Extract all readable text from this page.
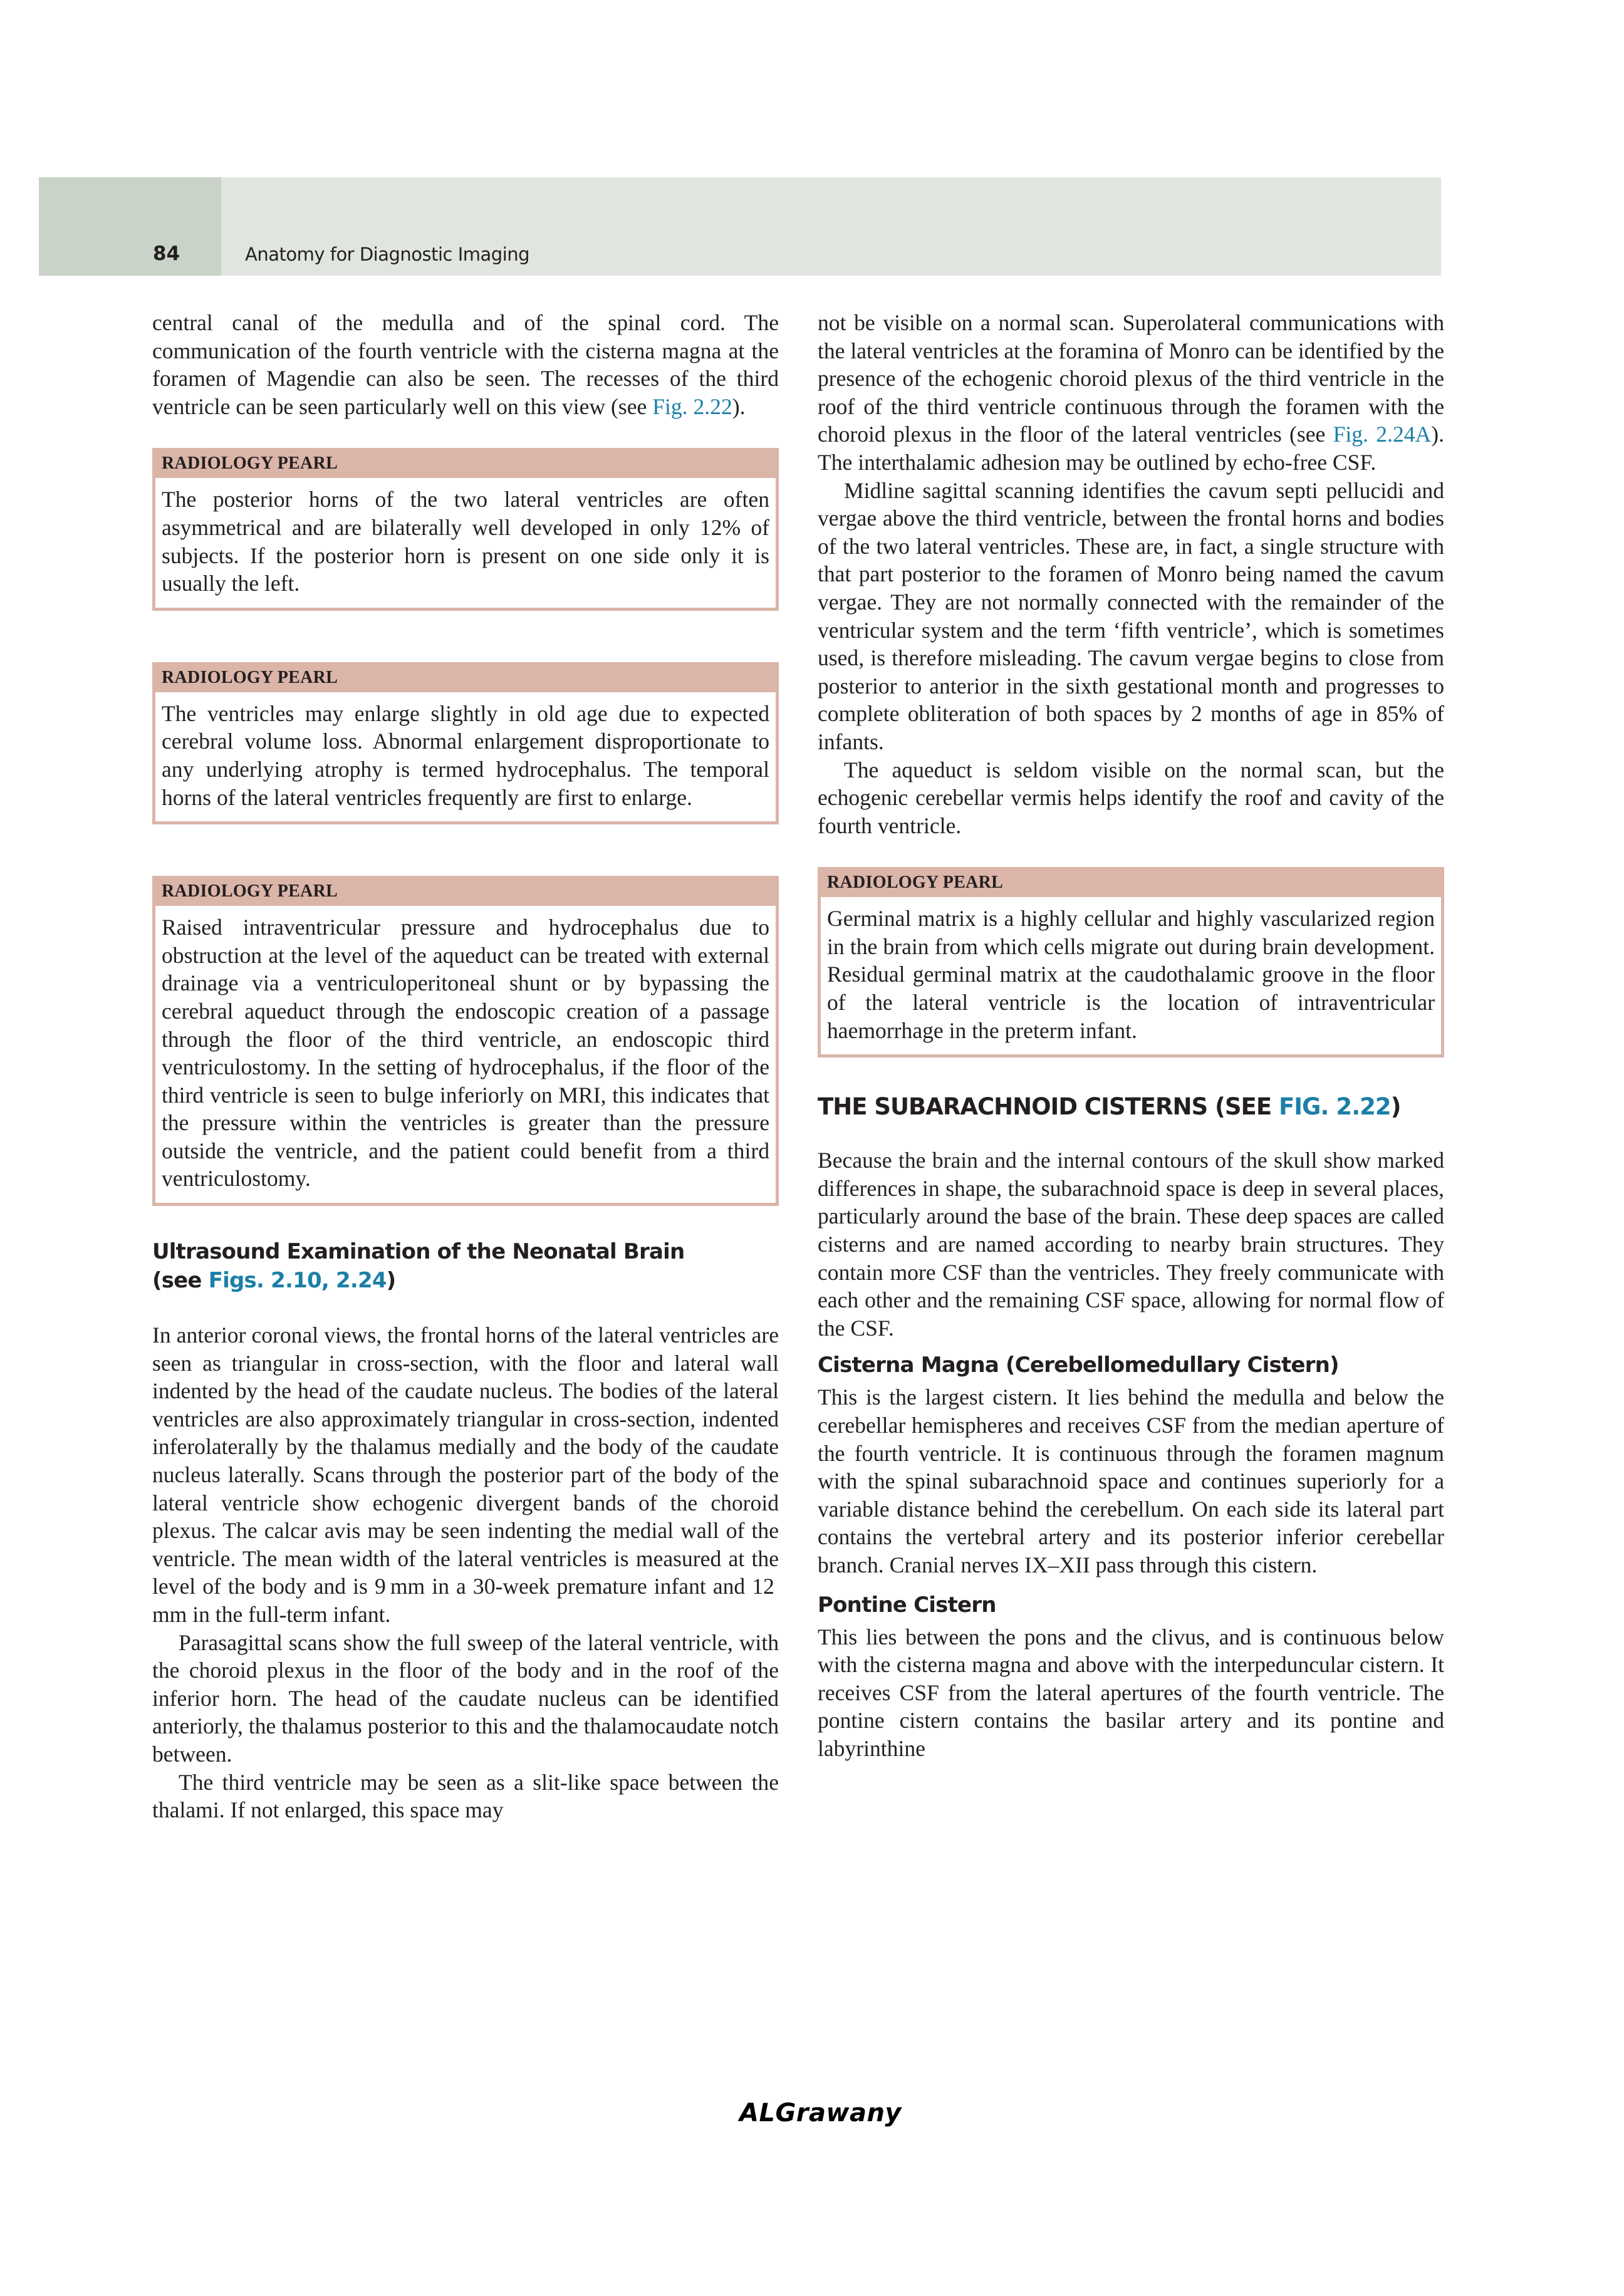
84	Anatomy for Diagnostic Imaging

central canal of the medulla and of the spinal cord. The communication of the fourth ventricle with the cisterna magna at the foramen of Magendie can also be seen. The recesses of the third ventricle can be seen particularly well on this view (see Fig. 2.22).

RADIOLOGY PEARL
The posterior horns of the two lateral ventricles are often asymmetrical and are bilaterally well developed in only 12% of subjects. If the posterior horn is present on one side only it is usually the left.
RADIOLOGY PEARL
The ventricles may enlarge slightly in old age due to expected cerebral volume loss. Abnormal enlargement disproportionate to any underlying atrophy is termed hydrocephalus. The temporal horns of the lateral ventricles frequently are first to enlarge.
RADIOLOGY PEARL
Raised intraventricular pressure and hydrocephalus due to obstruction at the level of the aqueduct can be treated with external drainage via a ventriculoperitoneal shunt or by bypassing the cerebral aqueduct through the endoscopic creation of a passage through the floor of the third ventricle, an endoscopic third ventriculostomy. In the setting of hydrocephalus, if the floor of the third ventricle is seen to bulge inferiorly on MRI, this indicates that the pressure within the ventricles is greater than the pressure outside the ventricle, and the patient could benefit from a third ventriculostomy.
Ultrasound Examination of the Neonatal Brain
(see Figs. 2.10, 2.24)

In anterior coronal views, the frontal horns of the lateral ventricles are seen as triangular in cross-section, with the floor and lateral wall indented by the head of the caudate nucleus. The bodies of the lateral ventricles are also approximately triangular in cross-section, indented inferolaterally by the thalamus medially and the body of the caudate nucleus laterally. Scans through the posterior part of the body of the lateral ventricle show echogenic divergent bands of the choroid plexus. The calcar avis may be seen indenting the medial wall of the ventricle. The mean width of the lateral ventricles is measured at the level of the body and is 9 mm in a 30-week premature infant and 12 mm in the full-term infant.

Parasagittal scans show the full sweep of the lateral ventricle, with the choroid plexus in the floor of the body and in the roof of the inferior horn. The head of the caudate nucleus can be identified anteriorly, the thalamus posterior to this and the thalamocaudate notch between.

The third ventricle may be seen as a slit-like space between the thalami. If not enlarged, this space may

not be visible on a normal scan. Superolateral communications with the lateral ventricles at the foramina of Monro can be identified by the presence of the echogenic choroid plexus of the third ventricle in the roof of the third ventricle continuous through the foramen with the choroid plexus in the floor of the lateral ventricles (see Fig. 2.24A). The interthalamic adhesion may be outlined by echo-free CSF.

Midline sagittal scanning identifies the cavum septi pellucidi and vergae above the third ventricle, between the frontal horns and bodies of the two lateral ventricles. These are, in fact, a single structure with that part posterior to the foramen of Monro being named the cavum vergae. They are not normally connected with the remainder of the ventricular system and the term ‘fifth ventricle’, which is sometimes used, is therefore misleading. The cavum vergae begins to close from posterior to anterior in the sixth gestational month and progresses to complete obliteration of both spaces by 2 months of age in 85% of infants.

The aqueduct is seldom visible on the normal scan, but the echogenic cerebellar vermis helps identify the roof and cavity of the fourth ventricle.

RADIOLOGY PEARL
Germinal matrix is a highly cellular and highly vascularized region in the brain from which cells migrate out during brain development. Residual germinal matrix at the caudothalamic groove in the floor of the lateral ventricle is the location of intraventricular haemorrhage in the preterm infant.
THE SUBARACHNOID CISTERNS (SEE FIG. 2.22)

Because the brain and the internal contours of the skull show marked differences in shape, the subarachnoid space is deep in several places, particularly around the base of the brain. These deep spaces are called cisterns and are named according to nearby brain structures. They contain more CSF than the ventricles. They freely communicate with each other and the remaining CSF space, allowing for normal flow of the CSF.

Cisterna Magna (Cerebellomedullary Cistern)

This is the largest cistern. It lies behind the medulla and below the cerebellar hemispheres and receives CSF from the median aperture of the fourth ventricle. It is continuous through the foramen magnum with the spinal subarachnoid space and continues superiorly for a variable distance behind the cerebellum. On each side its lateral part contains the vertebral artery and its posterior inferior cerebellar branch. Cranial nerves IX–XII pass through this cistern.

Pontine Cistern

This lies between the pons and the clivus, and is continuous below with the cisterna magna and above with the interpeduncular cistern. It receives CSF from the lateral apertures of the fourth ventricle. The pontine cistern contains the basilar artery and its pontine and labyrinthine

ALGrawany
